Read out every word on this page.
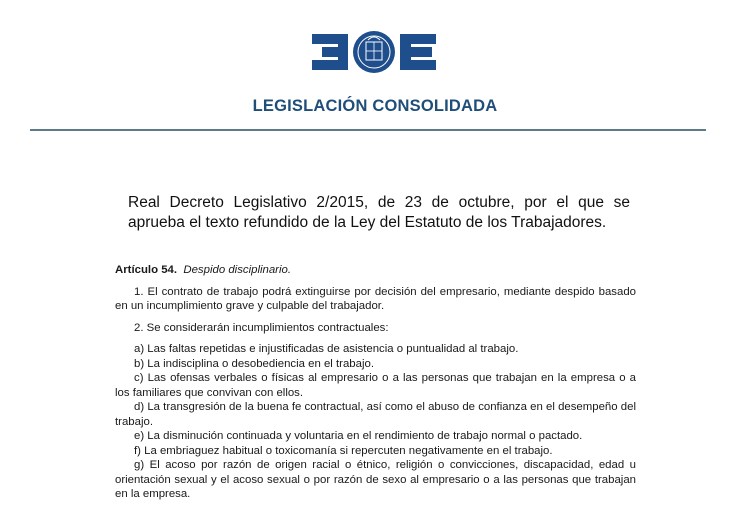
LEGISLACIÓN CONSOLIDADA
Real Decreto Legislativo 2/2015, de 23 de octubre, por el que se
aprueba el texto refundido de la Ley del Estatuto de los Trabajadores.
Artículo 54. Despido disciplinario.

1. El contrato de trabajo podrá extinguirse por decisión del empresario, mediante despido basado en un incumplimiento grave y culpable del trabajador.

2. Se considerarán incumplimientos contractuales:

a) Las faltas repetidas e injustificadas de asistencia o puntualidad al trabajo.

b) La indisciplina o desobediencia en el trabajo.

c) Las ofensas verbales o físicas al empresario o a las personas que trabajan en la empresa o a los familiares que convivan con ellos.

d) La transgresión de la buena fe contractual, así como el abuso de confianza en el desempeño del trabajo.

e) La disminución continuada y voluntaria en el rendimiento de trabajo normal o pactado.

f) La embriaguez habitual o toxicomanía si repercuten negativamente en el trabajo.

g) El acoso por razón de origen racial o étnico, religión o convicciones, discapacidad, edad u orientación sexual y el acoso sexual o por razón de sexo al empresario o a las personas que trabajan en la empresa.
